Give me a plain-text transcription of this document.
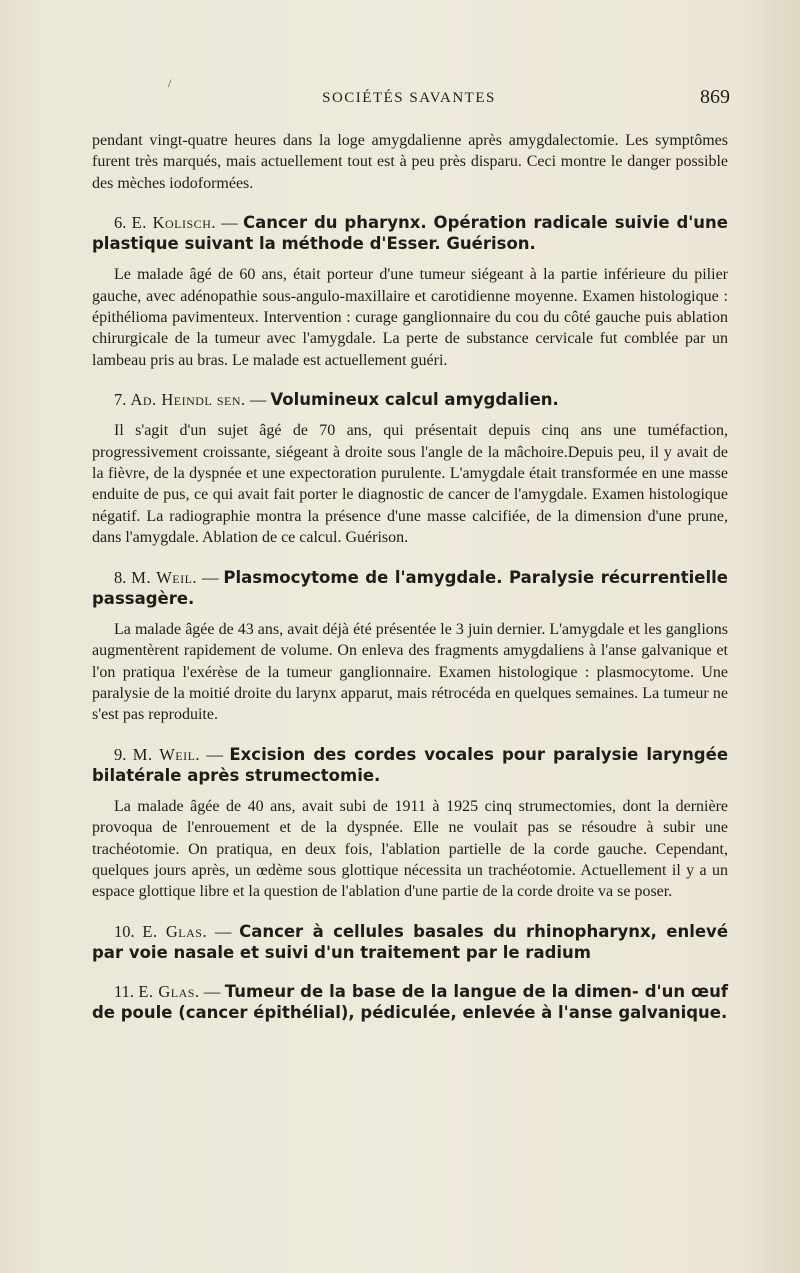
/
SOCIÉTÉS SAVANTES	869

pendant vingt-quatre heures dans la loge amygdalienne après amygdalectomie. Les symptômes furent très marqués, mais actuellement tout est à peu près disparu. Ceci montre le danger possible des mèches iodoformées.

6. E. Kolisch. — Cancer du pharynx. Opération radicale suivie d'une plastique suivant la méthode d'Esser. Guérison.

Le malade âgé de 60 ans, était porteur d'une tumeur siégeant à la partie inférieure du pilier gauche, avec adénopathie sous-angulo-maxillaire et carotidienne moyenne. Examen histologique : épithélioma pavimenteux. Intervention : curage ganglionnaire du cou du côté gauche puis ablation chirurgicale de la tumeur avec l'amygdale. La perte de substance cervicale fut comblée par un lambeau pris au bras. Le malade est actuellement guéri.

7. Ad. Heindl sen. — Volumineux calcul amygdalien.

Il s'agit d'un sujet âgé de 70 ans, qui présentait depuis cinq ans une tuméfaction, progressivement croissante, siégeant à droite sous l'angle de la mâchoire.Depuis peu, il y avait de la fièvre, de la dyspnée et une expectoration purulente. L'amygdale était transformée en une masse enduite de pus, ce qui avait fait porter le diagnostic de cancer de l'amygdale. Examen histologique négatif. La radiographie montra la présence d'une masse calcifiée, de la dimension d'une prune, dans l'amygdale. Ablation de ce calcul. Guérison.

8. M. Weil. — Plasmocytome de l'amygdale. Paralysie récurrentielle passagère.

La malade âgée de 43 ans, avait déjà été présentée le 3 juin dernier. L'amygdale et les ganglions augmentèrent rapidement de volume. On enleva des fragments amygdaliens à l'anse galvanique et l'on pratiqua l'exérèse de la tumeur ganglionnaire. Examen histologique : plasmocytome. Une paralysie de la moitié droite du larynx apparut, mais rétrocéda en quelques semaines. La tumeur ne s'est pas reproduite.

9. M. Weil. — Excision des cordes vocales pour paralysie laryngée bilatérale après strumectomie.

La malade âgée de 40 ans, avait subi de 1911 à 1925 cinq strumectomies, dont la dernière provoqua de l'enrouement et de la dyspnée. Elle ne voulait pas se résoudre à subir une trachéotomie. On pratiqua, en deux fois, l'ablation partielle de la corde gauche. Cependant, quelques jours après, un œdème sous glottique nécessita un trachéotomie. Actuellement il y a un espace glottique libre et la question de l'ablation d'une partie de la corde droite va se poser.

10. E. Glas. — Cancer à cellules basales du rhinopharynx, enlevé par voie nasale et suivi d'un traitement par le radium

11. E. Glas. — Tumeur de la base de la langue de la dimen- d'un œuf de poule (cancer épithélial), pédiculée, enlevée à l'anse galvanique.
